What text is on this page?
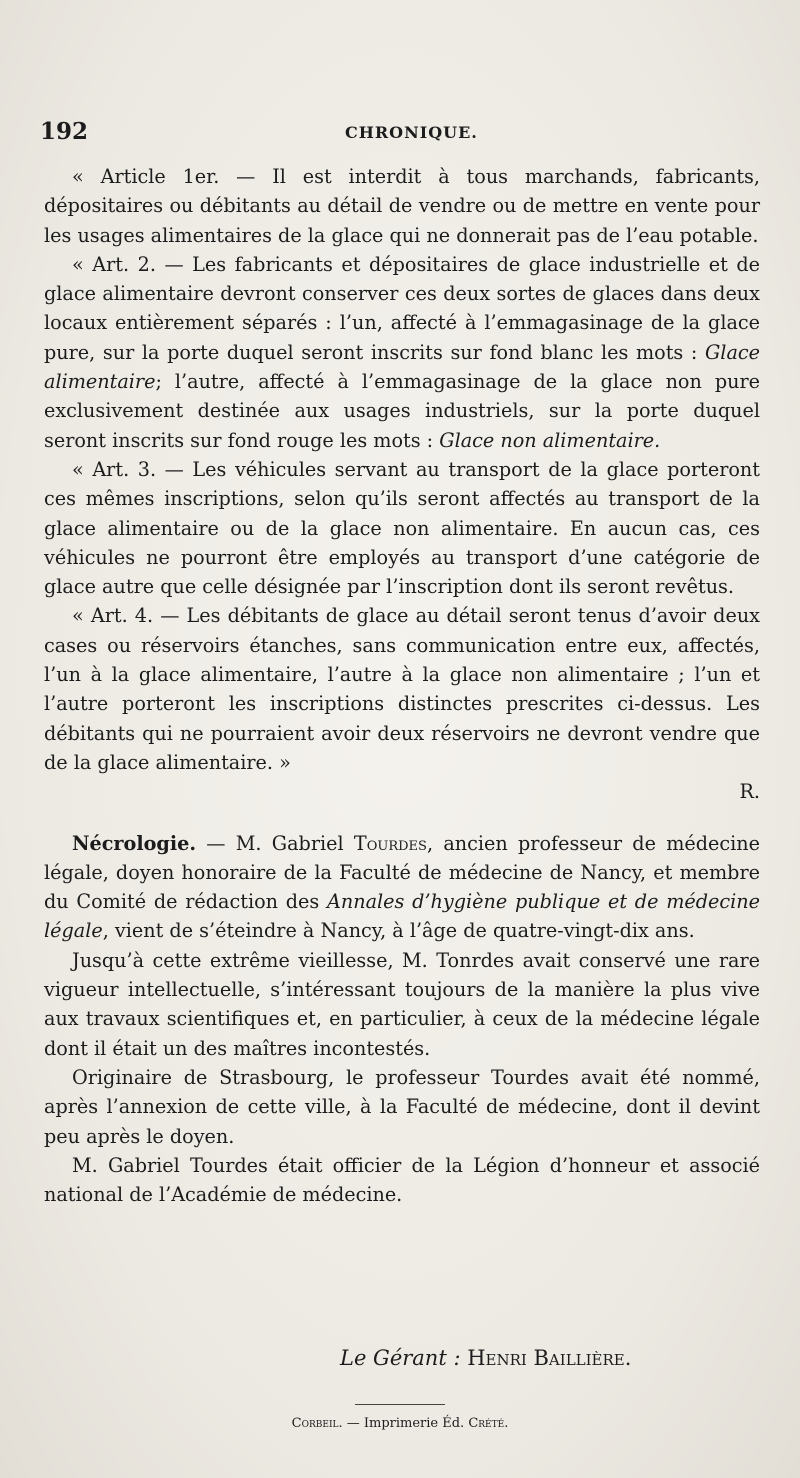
192	CHRONIQUE.

« Article 1er. — Il est interdit à tous marchands, fabricants, dépositaires ou débitants au détail de vendre ou de mettre en vente pour les usages alimentaires de la glace qui ne donnerait pas de l’eau potable.

« Art. 2. — Les fabricants et dépositaires de glace industrielle et de glace alimentaire devront conserver ces deux sortes de glaces dans deux locaux entièrement séparés : l’un, affecté à l’emmagasinage de la glace pure, sur la porte duquel seront inscrits sur fond blanc les mots : Glace alimentaire; l’autre, affecté à l’emmagasinage de la glace non pure exclusivement destinée aux usages industriels, sur la porte duquel seront inscrits sur fond rouge les mots : Glace non alimentaire.

« Art. 3. — Les véhicules servant au transport de la glace porteront ces mêmes inscriptions, selon qu’ils seront affectés au transport de la glace alimentaire ou de la glace non alimentaire. En aucun cas, ces véhicules ne pourront être employés au transport d’une catégorie de glace autre que celle désignée par l’inscription dont ils seront revêtus.

« Art. 4. — Les débitants de glace au détail seront tenus d’avoir deux cases ou réservoirs étanches, sans communication entre eux, affectés, l’un à la glace alimentaire, l’autre à la glace non alimentaire ; l’un et l’autre porteront les inscriptions distinctes prescrites ci-dessus. Les débitants qui ne pourraient avoir deux réservoirs ne devront vendre que de la glace alimentaire. »

R.

Nécrologie. — M. Gabriel Tourdes, ancien professeur de médecine légale, doyen honoraire de la Faculté de médecine de Nancy, et membre du Comité de rédaction des Annales d’hygiène publique et de médecine légale, vient de s’éteindre à Nancy, à l’âge de quatre-vingt-dix ans.

Jusqu’à cette extrême vieillesse, M. Tonrdes avait conservé une rare vigueur intellectuelle, s’intéressant toujours de la manière la plus vive aux travaux scientifiques et, en particulier, à ceux de la médecine légale dont il était un des maîtres incontestés.

Originaire de Strasbourg, le professeur Tourdes avait été nommé, après l’annexion de cette ville, à la Faculté de médecine, dont il devint peu après le doyen.

M. Gabriel Tourdes était officier de la Légion d’honneur et associé national de l’Académie de médecine.

Le Gérant : Henri Baillière.
Corbeil. — Imprimerie Éd. Crété.
